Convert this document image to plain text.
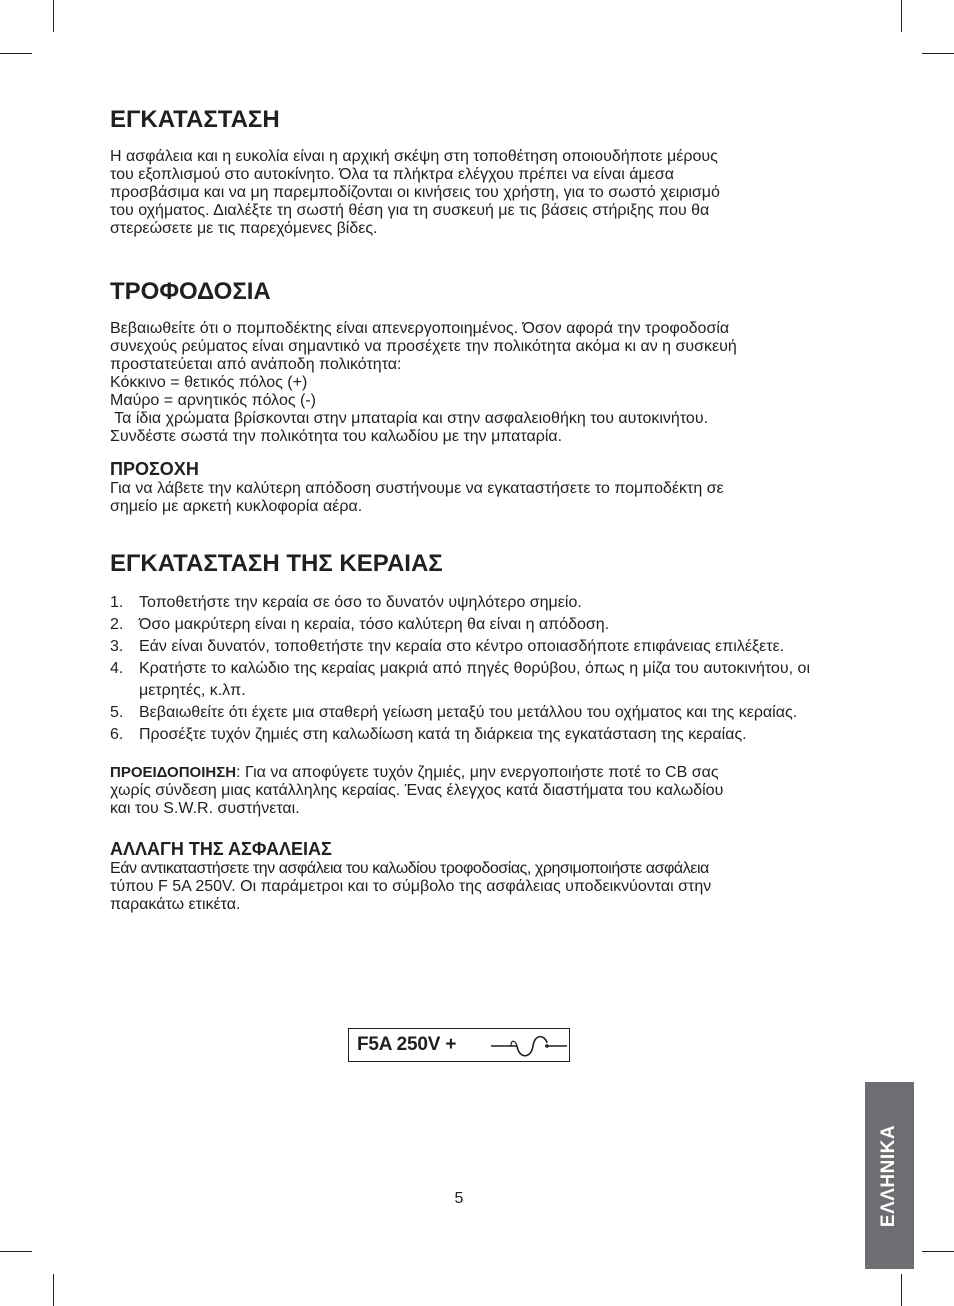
ΕΓΚΑΤΑΣΤΑΣΗ

Η ασφάλεια και η ευκολία είναι η αρχική σκέψη στη τοποθέτηση οποιουδήποτε μέρους
του εξοπλισμού στο αυτοκίνητο. Όλα τα πλήκτρα ελέγχου πρέπει να είναι άμεσα
προσβάσιμα και να μη παρεμποδίζονται οι κινήσεις του χρήστη, για το σωστό χειρισμό
του οχήματος. Διαλέξτε τη σωστή θέση για τη συσκευή με τις βάσεις στήριξης που θα
στερεώσετε με τις παρεχόμενες βίδες.

ΤΡΟΦΟΔΟΣΙΑ

Βεβαιωθείτε ότι ο πομποδέκτης είναι απενεργοποιημένος. Όσον αφορά την τροφοδοσία
συνεχούς ρεύματος είναι σημαντικό να προσέχετε την πολικότητα ακόμα κι αν η συσκευή
προστατεύεται από ανάποδη πολικότητα:
Κόκκινο = θετικός πόλος (+)
Μαύρο = αρνητικός πόλος (-)
Τα ίδια χρώματα βρίσκονται στην μπαταρία και στην ασφαλειοθήκη του αυτοκινήτου.
Συνδέστε σωστά την πολικότητα του καλωδίου με την μπαταρία.

ΠΡΟΣΟΧΗ

Για να λάβετε την καλύτερη απόδοση συστήνουμε να εγκαταστήσετε το πομποδέκτη σε
σημείο με αρκετή κυκλοφορία αέρα.

ΕΓΚΑΤΑΣΤΑΣΗ ΤΗΣ ΚΕΡΑΙΑΣ
1. Τοποθετήστε την κεραία σε όσο το δυνατόν υψηλότερο σημείο.
2. Όσο μακρύτερη είναι η κεραία, τόσο καλύτερη θα είναι η απόδοση.
3. Εάν είναι δυνατόν, τοποθετήστε την κεραία στο κέντρο οποιασδήποτε επιφάνειας επιλέξετε.
4. Κρατήστε το καλώδιο της κεραίας μακριά από πηγές θορύβου, όπως η μίζα του αυτοκινήτου, οι μετρητές, κ.λπ.
5. Βεβαιωθείτε ότι έχετε μια σταθερή γείωση μεταξύ του μετάλλου του οχήματος και της κεραίας.
6. Προσέξτε τυχόν ζημιές στη καλωδίωση κατά τη διάρκεια της εγκατάσταση της κεραίας.

ΠΡΟΕΙΔΟΠΟΙΗΣΗ: Για να αποφύγετε τυχόν ζημιές, μην ενεργοποιήστε ποτέ το CB σας
χωρίς σύνδεση μιας κατάλληλης κεραίας. Ένας έλεγχος κατά διαστήματα του καλωδίου
και του S.W.R. συστήνεται.

ΑΛΛΑΓΗ ΤΗΣ ΑΣΦΑΛΕΙΑΣ

Εάν αντικαταστήσετε την ασφάλεια του καλωδίου τροφοδοσίας, χρησιμοποιήστε ασφάλεια
τύπου F 5A 250V. Οι παράμετροι και το σύμβολο της ασφάλειας υποδεικνύονται στην
παρακάτω ετικέτα.

F5A 250V +
ΕΛΛΗΝΙΚΑ
5
